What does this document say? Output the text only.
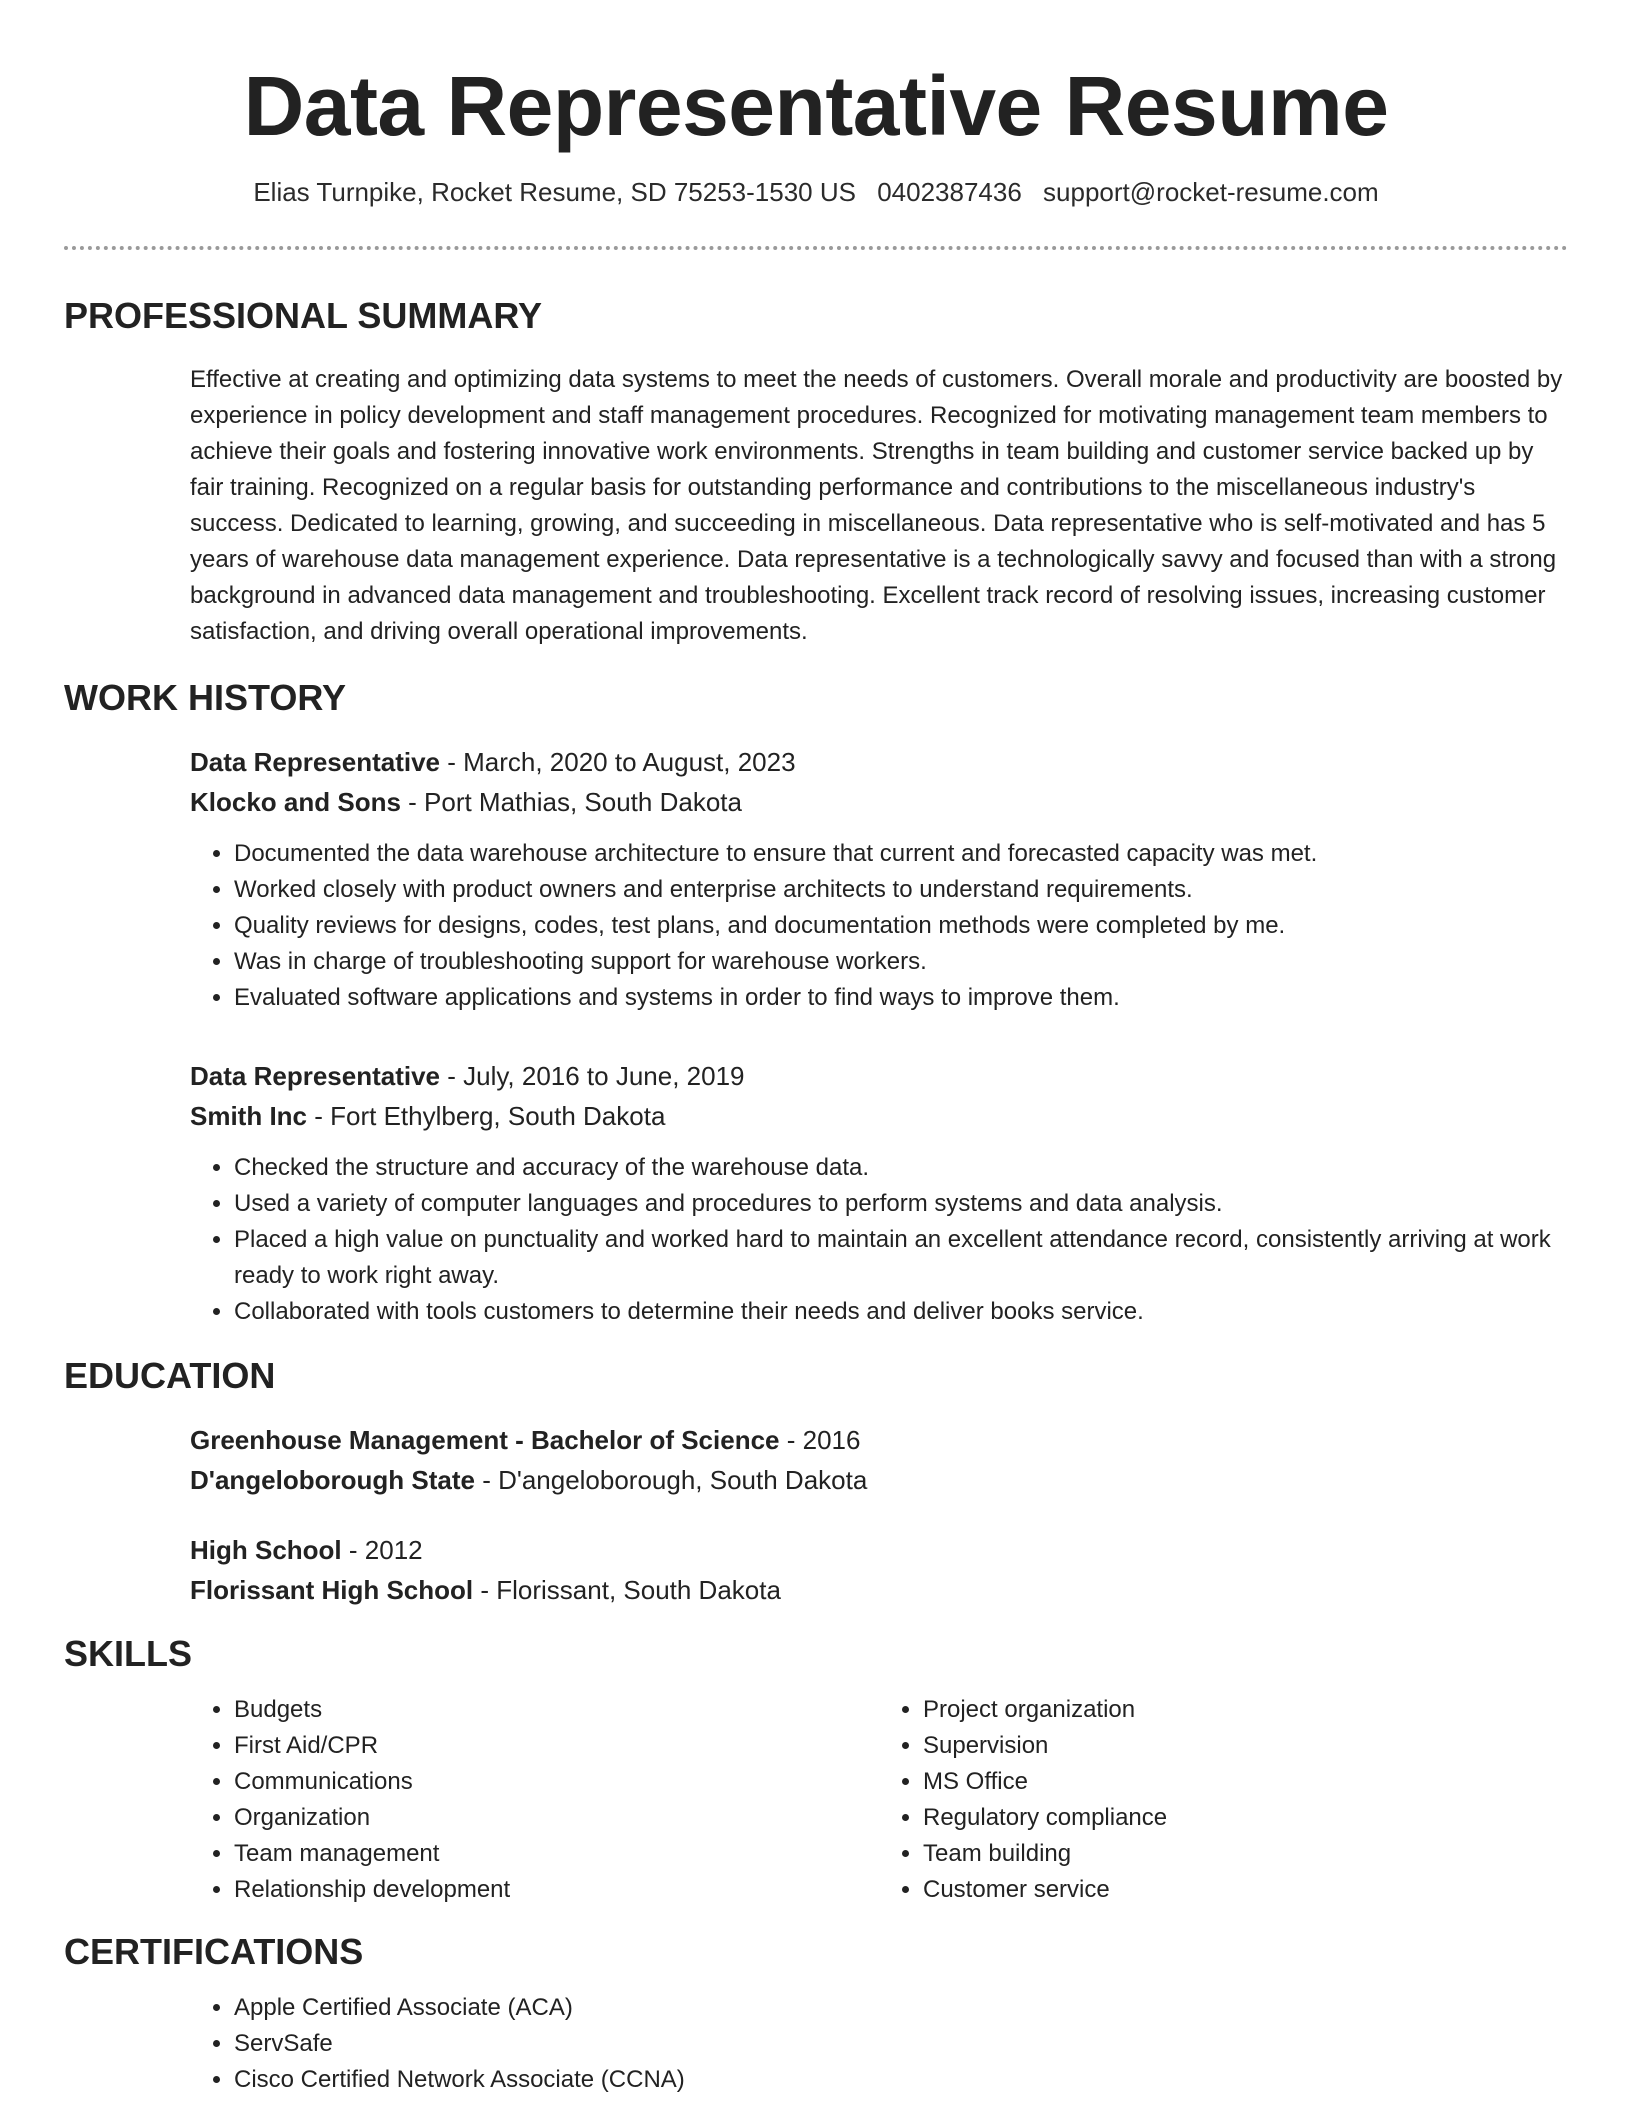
Data Representative Resume
Elias Turnpike, Rocket Resume, SD 75253-1530 US 0402387436 support@rocket-resume.com
PROFESSIONAL SUMMARY

Effective at creating and optimizing data systems to meet the needs of customers. Overall morale and productivity are boosted by experience in policy development and staff management procedures. Recognized for motivating management team members to achieve their goals and fostering innovative work environments. Strengths in team building and customer service backed up by fair training. Recognized on a regular basis for outstanding performance and contributions to the miscellaneous industry's success. Dedicated to learning, growing, and succeeding in miscellaneous. Data representative who is self-motivated and has 5 years of warehouse data management experience. Data representative is a technologically savvy and focused than with a strong background in advanced data management and troubleshooting. Excellent track record of resolving issues, increasing customer satisfaction, and driving overall operational improvements.

WORK HISTORY
Data Representative - March, 2020 to August, 2023
Klocko and Sons - Port Mathias, South Dakota
• Documented the data warehouse architecture to ensure that current and forecasted capacity was met.
• Worked closely with product owners and enterprise architects to understand requirements.
• Quality reviews for designs, codes, test plans, and documentation methods were completed by me.
• Was in charge of troubleshooting support for warehouse workers.
• Evaluated software applications and systems in order to find ways to improve them.
Data Representative - July, 2016 to June, 2019
Smith Inc - Fort Ethylberg, South Dakota
• Checked the structure and accuracy of the warehouse data.
• Used a variety of computer languages and procedures to perform systems and data analysis.
• Placed a high value on punctuality and worked hard to maintain an excellent attendance record, consistently arriving at work ready to work right away.
• Collaborated with tools customers to determine their needs and deliver books service.
EDUCATION
Greenhouse Management - Bachelor of Science - 2016
D'angeloborough State - D'angeloborough, South Dakota
High School - 2012
Florissant High School - Florissant, South Dakota
SKILLS
• Budgets
• First Aid/CPR
• Communications
• Organization
• Team management
• Relationship development
• Project organization
• Supervision
• MS Office
• Regulatory compliance
• Team building
• Customer service
CERTIFICATIONS
• Apple Certified Associate (ACA)
• ServSafe
• Cisco Certified Network Associate (CCNA)
